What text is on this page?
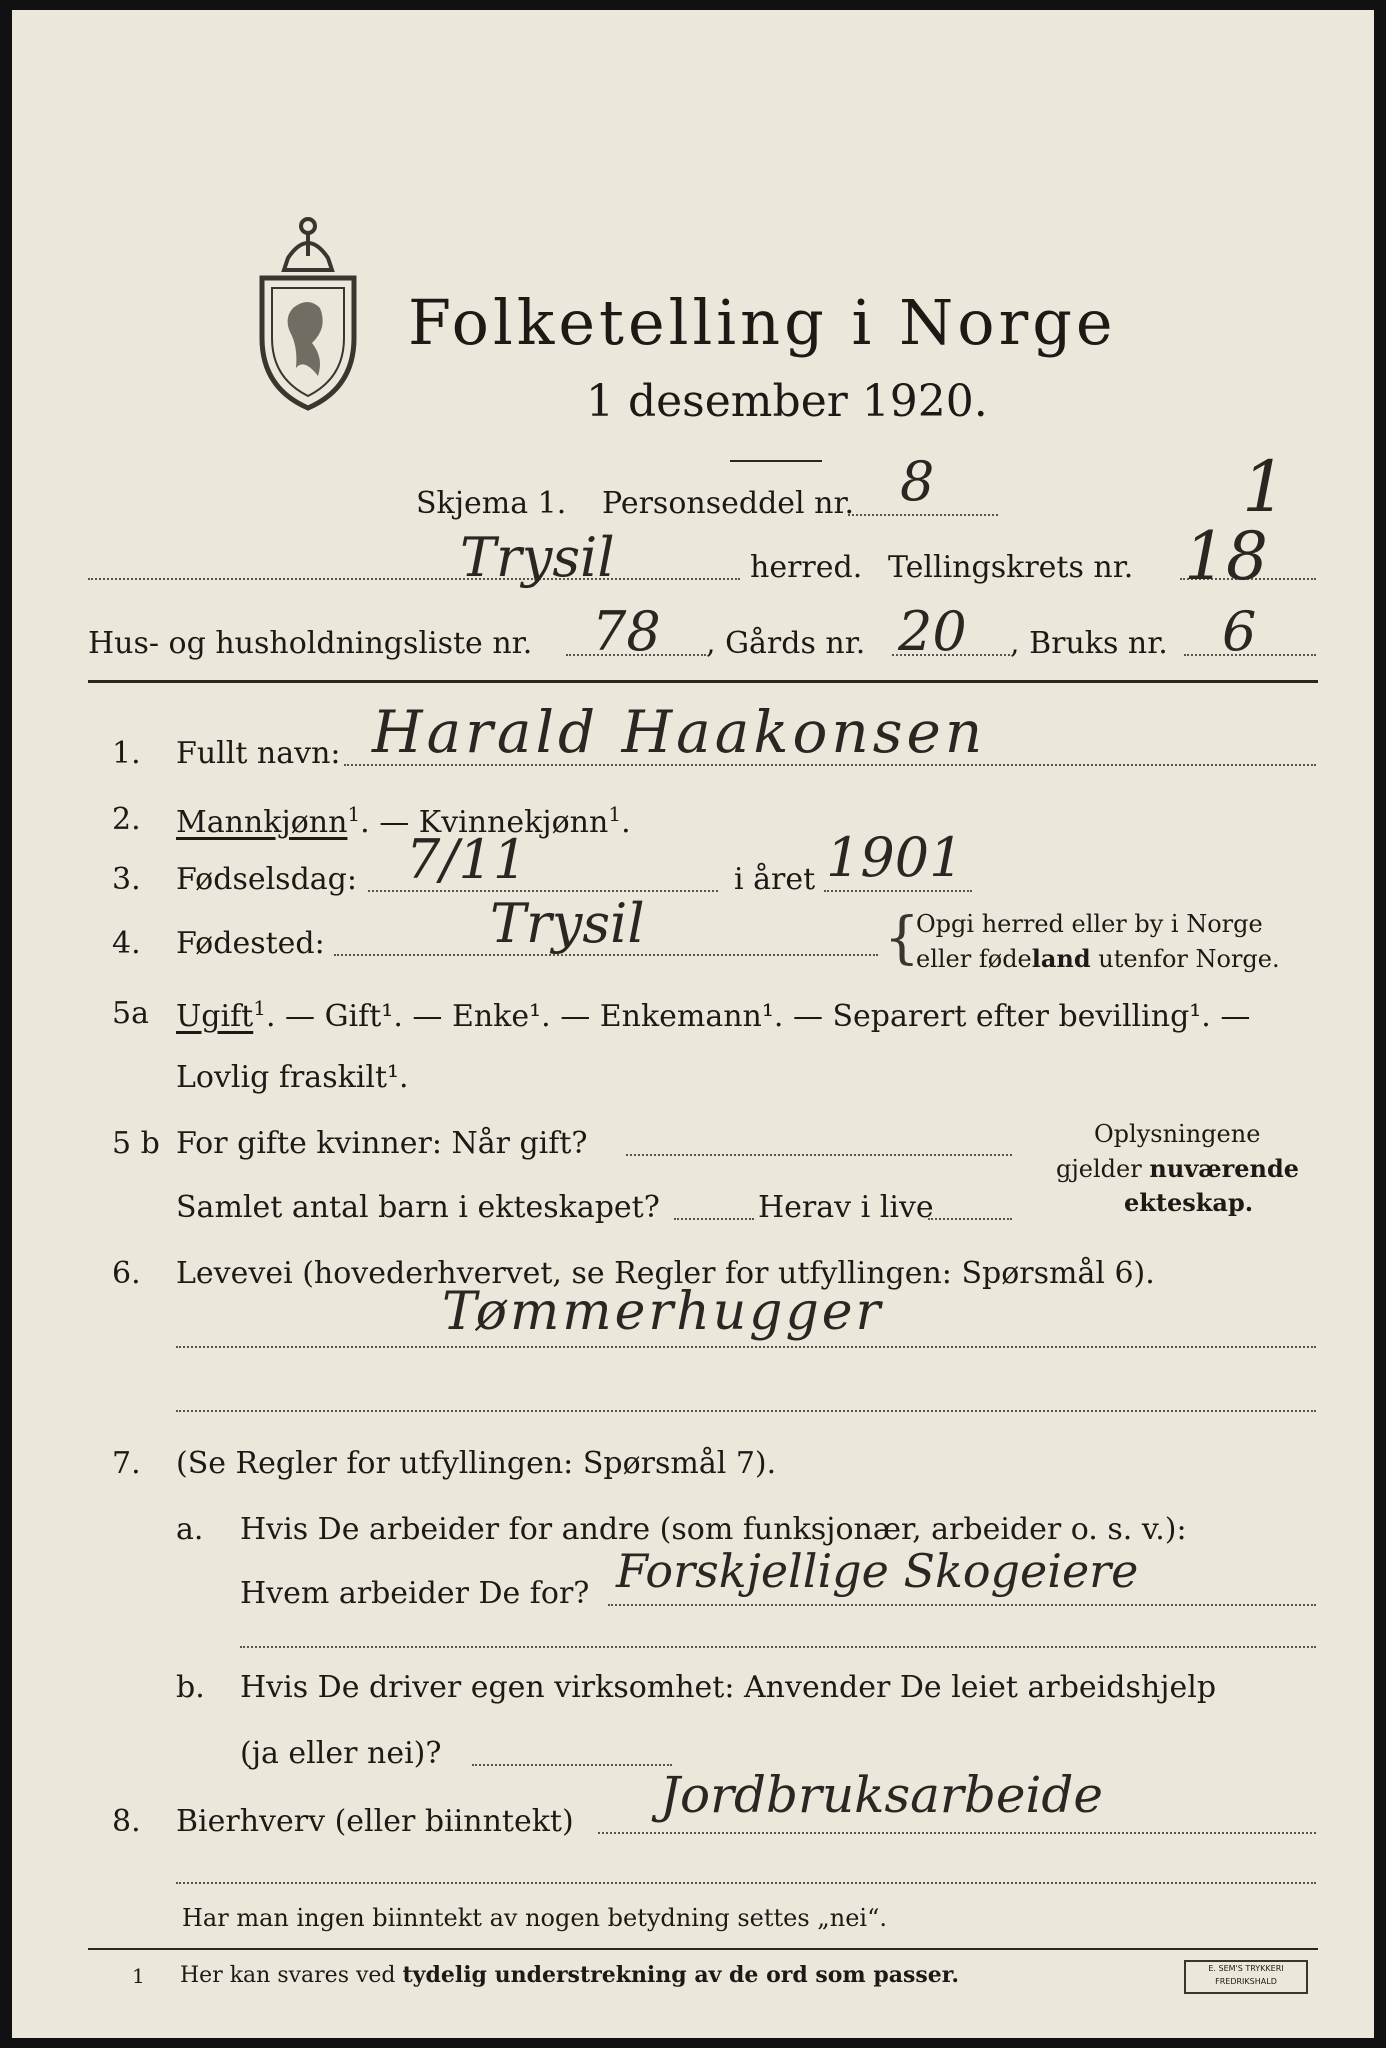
Folketelling i Norge
1 desember 1920.
Skjema 1. Personseddel nr. 8	1
Trysil	herred. Tellingskrets nr. 18
Hus- og husholdningsliste nr. 78 , Gårds nr. 20 , Bruks nr. 6
1. Fullt navn: Harald Haakonsen
2. Mannkjønn$^1$. — Kvinnekjønn$^1$.
3. Fødselsdag: 7/11	i året 1901
4. Fødested:	Trysil	{
Opgi herred eller by i Norge
eller fødeland utenfor Norge.
5a Ugift$^1$. — Gift¹. — Enke¹. — Enkemann¹. — Separert efter bevilling¹. —
Lovlig fraskilt¹.
5 b For gifte kvinner: Når gift?
Samlet antal barn i ekteskapet?	Herav i live
Oplysningene
gjelder nuværende
ekteskap.
6. Levevei (hovederhvervet, se Regler for utfyllingen: Spørsmål 6).
Tømmerhugger
7. (Se Regler for utfyllingen: Spørsmål 7).
a. Hvis De arbeider for andre (som funksjonær, arbeider o. s. v.):
Hvem arbeider De for? Forskjellige Skogeiere
b. Hvis De driver egen virksomhet: Anvender De leiet arbeidshjelp
(ja eller nei)?
8. Bierhverv (eller biinntekt) Jordbruksarbeide
Har man ingen biinntekt av nogen betydning settes „nei“.
1 Her kan svares ved tydelig understrekning av de ord som passer.	E. SEM'S TRYKKERI
FREDRIKSHALD
